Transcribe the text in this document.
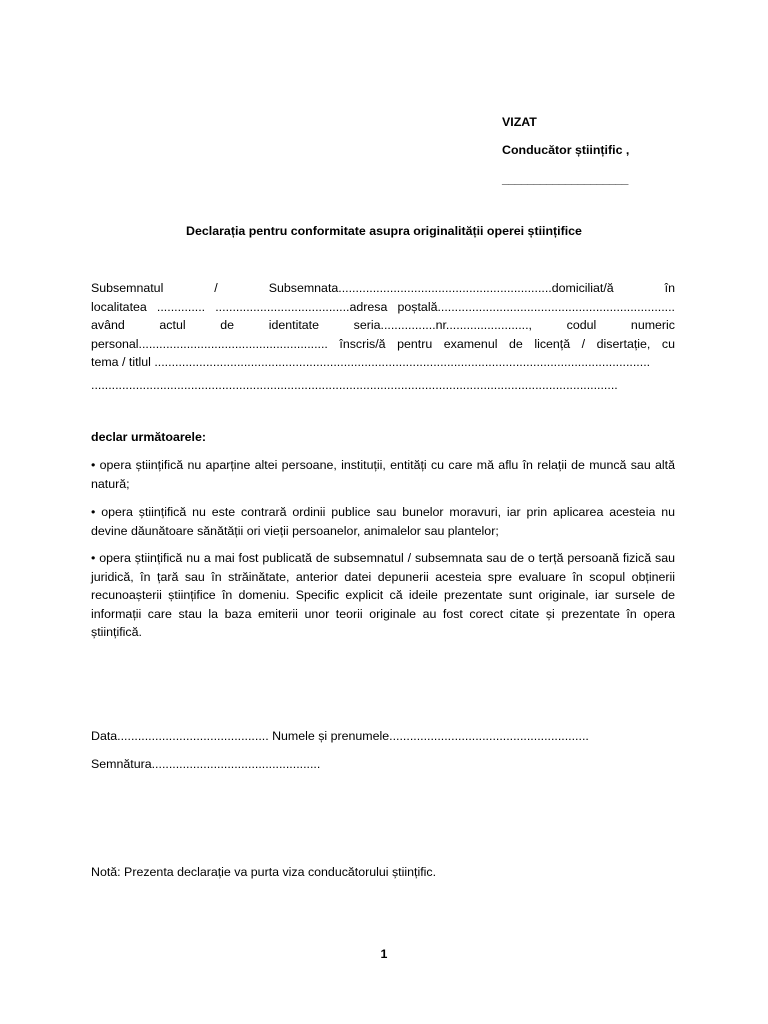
VIZAT
Conducător științific ,
____________________
Declarația pentru conformitate asupra originalității operei științifice
Subsemnatul / Subsemnata..............................................................domiciliat/ă în
localitatea .............. .......................................adresa poștală.....................................................................
având actul de identitate seria................nr........................, codul numeric
personal....................................................... înscris/ă pentru examenul de licență / disertație, cu
tema / titlul ................................................................................................................................................
.........................................................................................................................................................
declar următoarele:
• opera științifică nu aparține altei persoane, instituții, entități cu care mă aflu în relații de muncă sau altă natură;
• opera științifică nu este contrară ordinii publice sau bunelor moravuri, iar prin aplicarea acesteia nu devine dăunătoare sănătății ori vieții persoanelor, animalelor sau plantelor;
• opera științifică nu a mai fost publicată de subsemnatul / subsemnata sau de o terță persoană fizică sau juridică, în țară sau în străinătate, anterior datei depunerii acesteia spre evaluare în scopul obținerii recunoașterii științifice în domeniu. Specific explicit că ideile prezentate sunt originale, iar sursele de informații care stau la baza emiterii unor teorii originale au fost corect citate și prezentate în opera științifică.
Data............................................ Numele și prenumele..........................................................
Semnătura.................................................
Notă: Prezenta declarație va purta viza conducătorului științific.
1
